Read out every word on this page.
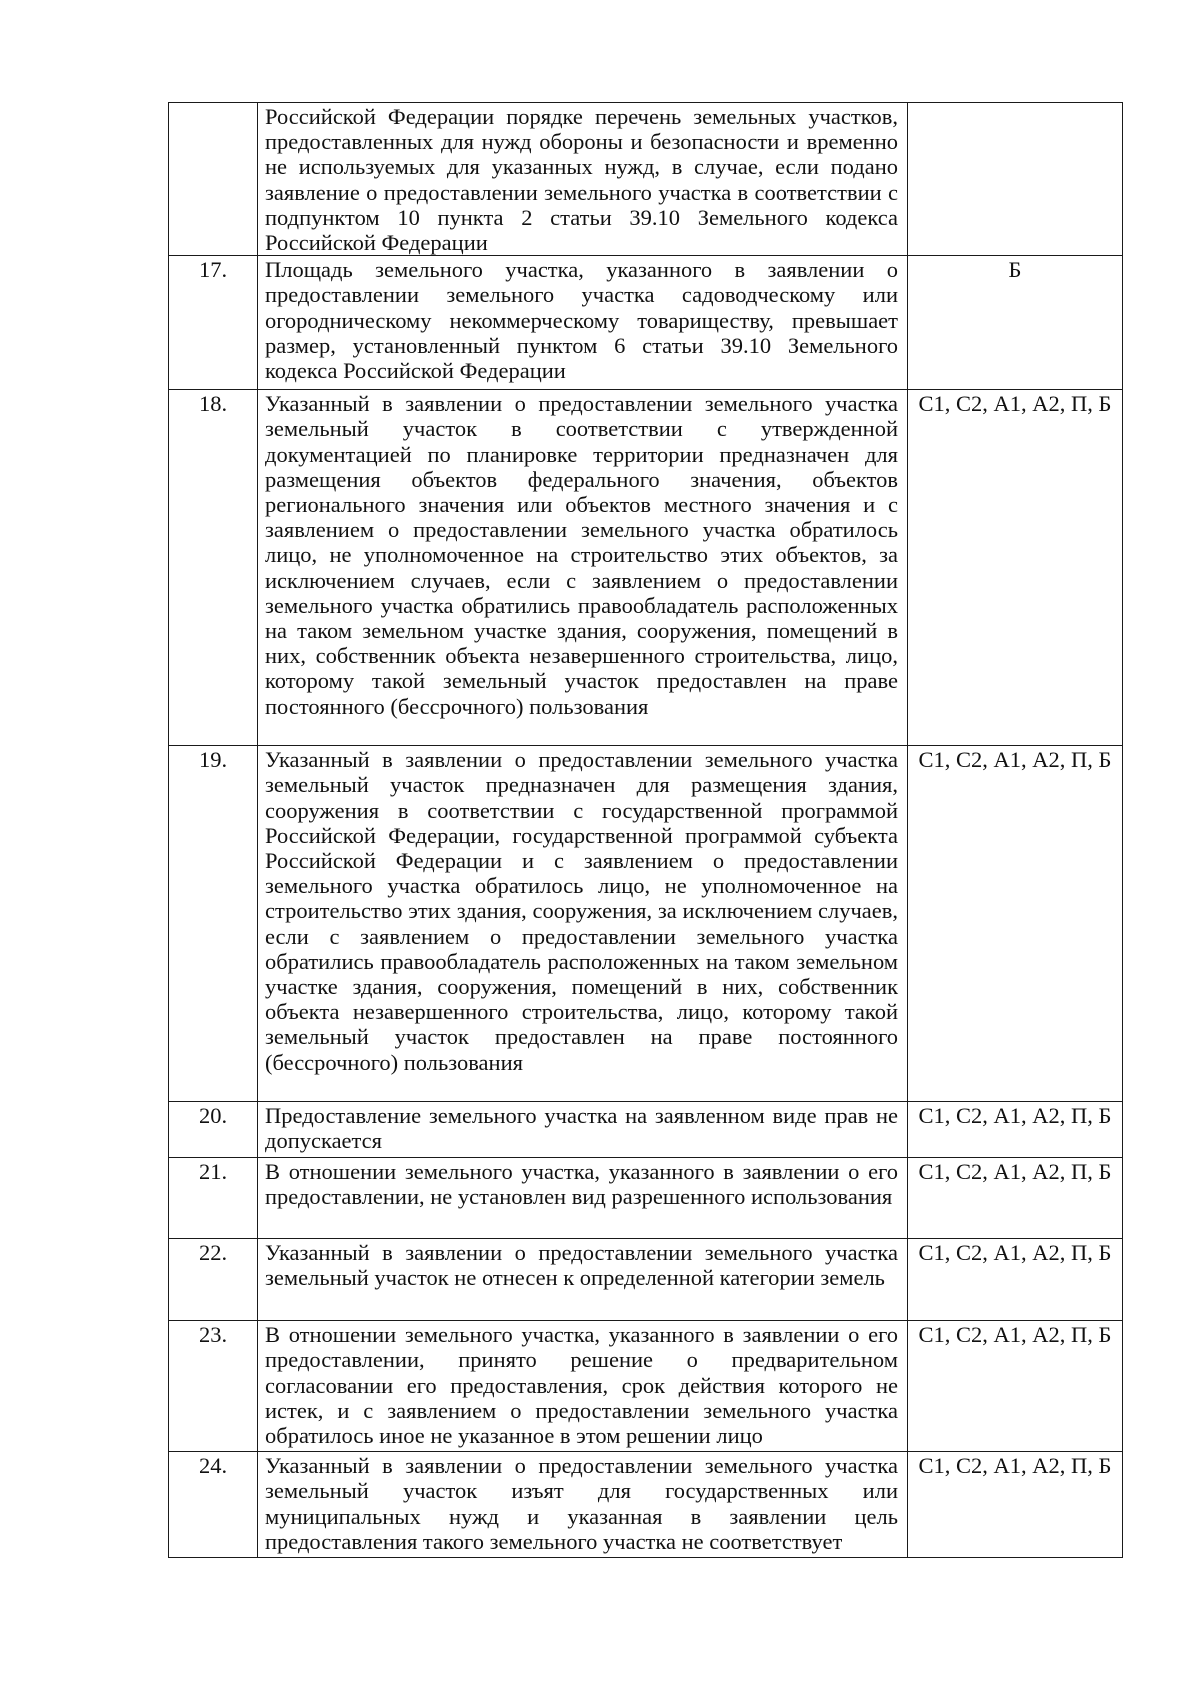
	Российской Федерации порядке перечень земельных участков, предоставленных для нужд обороны и безопасности и временно не используемых для указанных нужд, в случае, если подано заявление о предоставлении земельного участка в соответствии с подпунктом 10 пункта 2 статьи 39.10 Земельного кодекса Российской Федерации	
17.	Площадь земельного участка, указанного в заявлении о предоставлении земельного участка садоводческому или огородническому некоммерческому товариществу, превышает размер, установленный пунктом 6 статьи 39.10 Земельного кодекса Российской Федерации	Б
18.	Указанный в заявлении о предоставлении земельного участка земельный участок в соответствии с утвержденной документацией по планировке территории предназначен для размещения объектов федерального значения, объектов регионального значения или объектов местного значения и с заявлением о предоставлении земельного участка обратилось лицо, не уполномоченное на строительство этих объектов, за исключением случаев, если с заявлением о предоставлении земельного участка обратились правообладатель расположенных на таком земельном участке здания, сооружения, помещений в них, собственник объекта незавершенного строительства, лицо, которому такой земельный участок предоставлен на праве постоянного (бессрочного) пользования	С1, С2, А1, А2, П, Б
19.	Указанный в заявлении о предоставлении земельного участка земельный участок предназначен для размещения здания, сооружения в соответствии с государственной программой Российской Федерации, государственной программой субъекта Российской Федерации и с заявлением о предоставлении земельного участка обратилось лицо, не уполномоченное на строительство этих здания, сооружения, за исключением случаев, если с заявлением о предоставлении земельного участка обратились правообладатель расположенных на таком земельном участке здания, сооружения, помещений в них, собственник объекта незавершенного строительства, лицо, которому такой земельный участок предоставлен на праве постоянного (бессрочного) пользования	С1, С2, А1, А2, П, Б
20.	Предоставление земельного участка на заявленном виде прав не допускается	С1, С2, А1, А2, П, Б
21.	В отношении земельного участка, указанного в заявлении о его предоставлении, не установлен вид разрешенного использования	С1, С2, А1, А2, П, Б
22.	Указанный в заявлении о предоставлении земельного участка земельный участок не отнесен к определенной категории земель	С1, С2, А1, А2, П, Б
23.	В отношении земельного участка, указанного в заявлении о его предоставлении, принято решение о предварительном согласовании его предоставления, срок действия которого не истек, и с заявлением о предоставлении земельного участка обратилось иное не указанное в этом решении лицо	С1, С2, А1, А2, П, Б
24.	Указанный в заявлении о предоставлении земельного участка земельный участок изъят для государственных или муниципальных нужд и указанная в заявлении цель предоставления такого земельного участка не соответствует	С1, С2, А1, А2, П, Б
